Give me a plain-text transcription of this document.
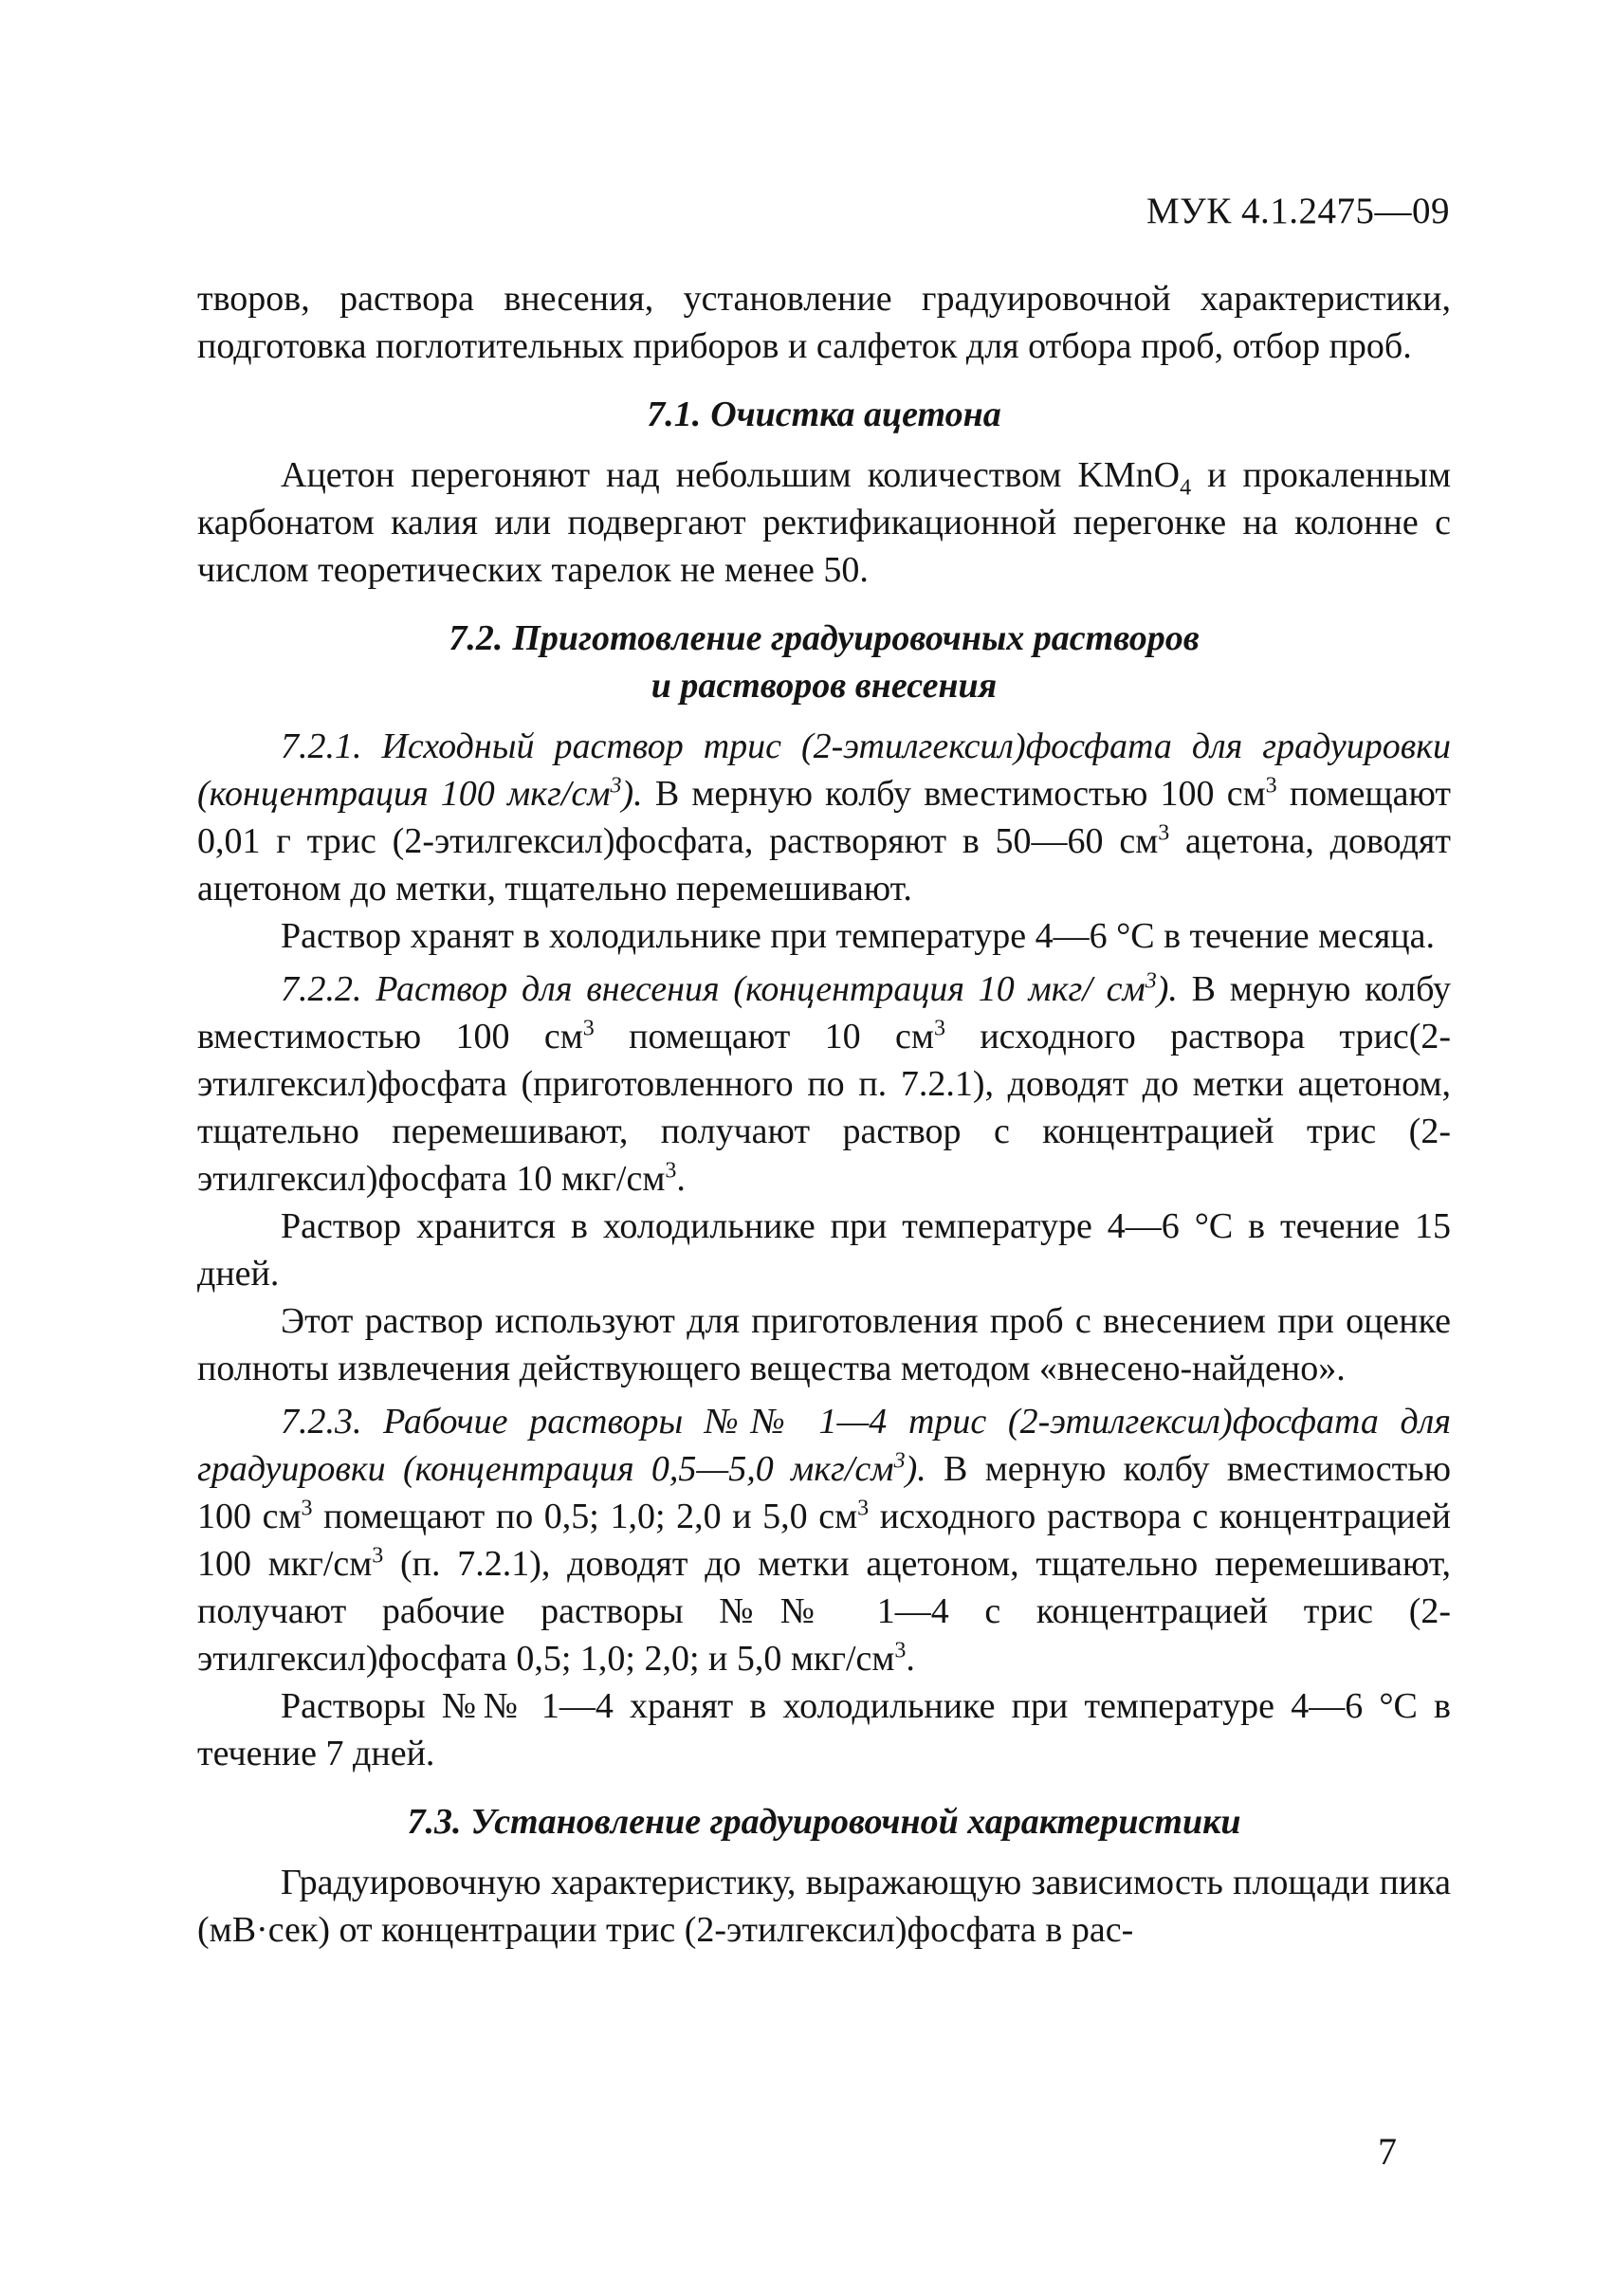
МУК 4.1.2475—09

творов, раствора внесения, установление градуировочной характеристики, подготовка поглотительных приборов и салфеток для отбора проб, отбор проб.

7.1. Очистка ацетона

Ацетон перегоняют над небольшим количеством KMnO$_4$ и прокаленным карбонатом калия или подвергают ректификационной перегонке на колонне с числом теоретических тарелок не менее 50.

7.2. Приготовление градуировочных растворов
и растворов внесения

7.2.1. Исходный раствор трис (2-этилгексил)фосфата для градуировки (концентрация 100 мкг/$см^3$). В мерную колбу вместимостью 100 $см^3$ помещают 0,01 г трис (2-этилгексил)фосфата, растворяют в 50—60 $см^3$ ацетона, доводят ацетоном до метки, тщательно перемешивают.

Раствор хранят в холодильнике при температуре 4—6 °С в течение месяца.

7.2.2. Раствор для внесения (концентрация 10 мкг/ $см^3$). В мерную колбу вместимостью 100 $см^3$ помещают 10 $см^3$ исходного раствора трис(2-этилгексил)фосфата (приготовленного по п. 7.2.1), доводят до метки ацетоном, тщательно перемешивают, получают раствор с концентрацией трис (2-этилгексил)фосфата 10 мкг/$см^3$.

Раствор хранится в холодильнике при температуре 4—6 °С в течение 15 дней.

Этот раствор используют для приготовления проб с внесением при оценке полноты извлечения действующего вещества методом «внесено-найдено».

7.2.3. Рабочие растворы №№ 1—4 трис (2-этилгексил)фосфата для градуировки (концентрация 0,5—5,0 мкг/$см^3$). В мерную колбу вместимостью 100 $см^3$ помещают по 0,5; 1,0; 2,0 и 5,0 $см^3$ исходного раствора с концентрацией 100 мкг/$см^3$ (п. 7.2.1), доводят до метки ацетоном, тщательно перемешивают, получают рабочие растворы №№ 1—4 с концентрацией трис (2-этилгексил)фосфата 0,5; 1,0; 2,0; и 5,0 мкг/$см^3$.

Растворы №№ 1—4 хранят в холодильнике при температуре 4—6 °С в течение 7 дней.

7.3. Установление градуировочной характеристики

Градуировочную характеристику, выражающую зависимость площади пика (мВ·сек) от концентрации трис (2-этилгексил)фосфата в рас-

7
